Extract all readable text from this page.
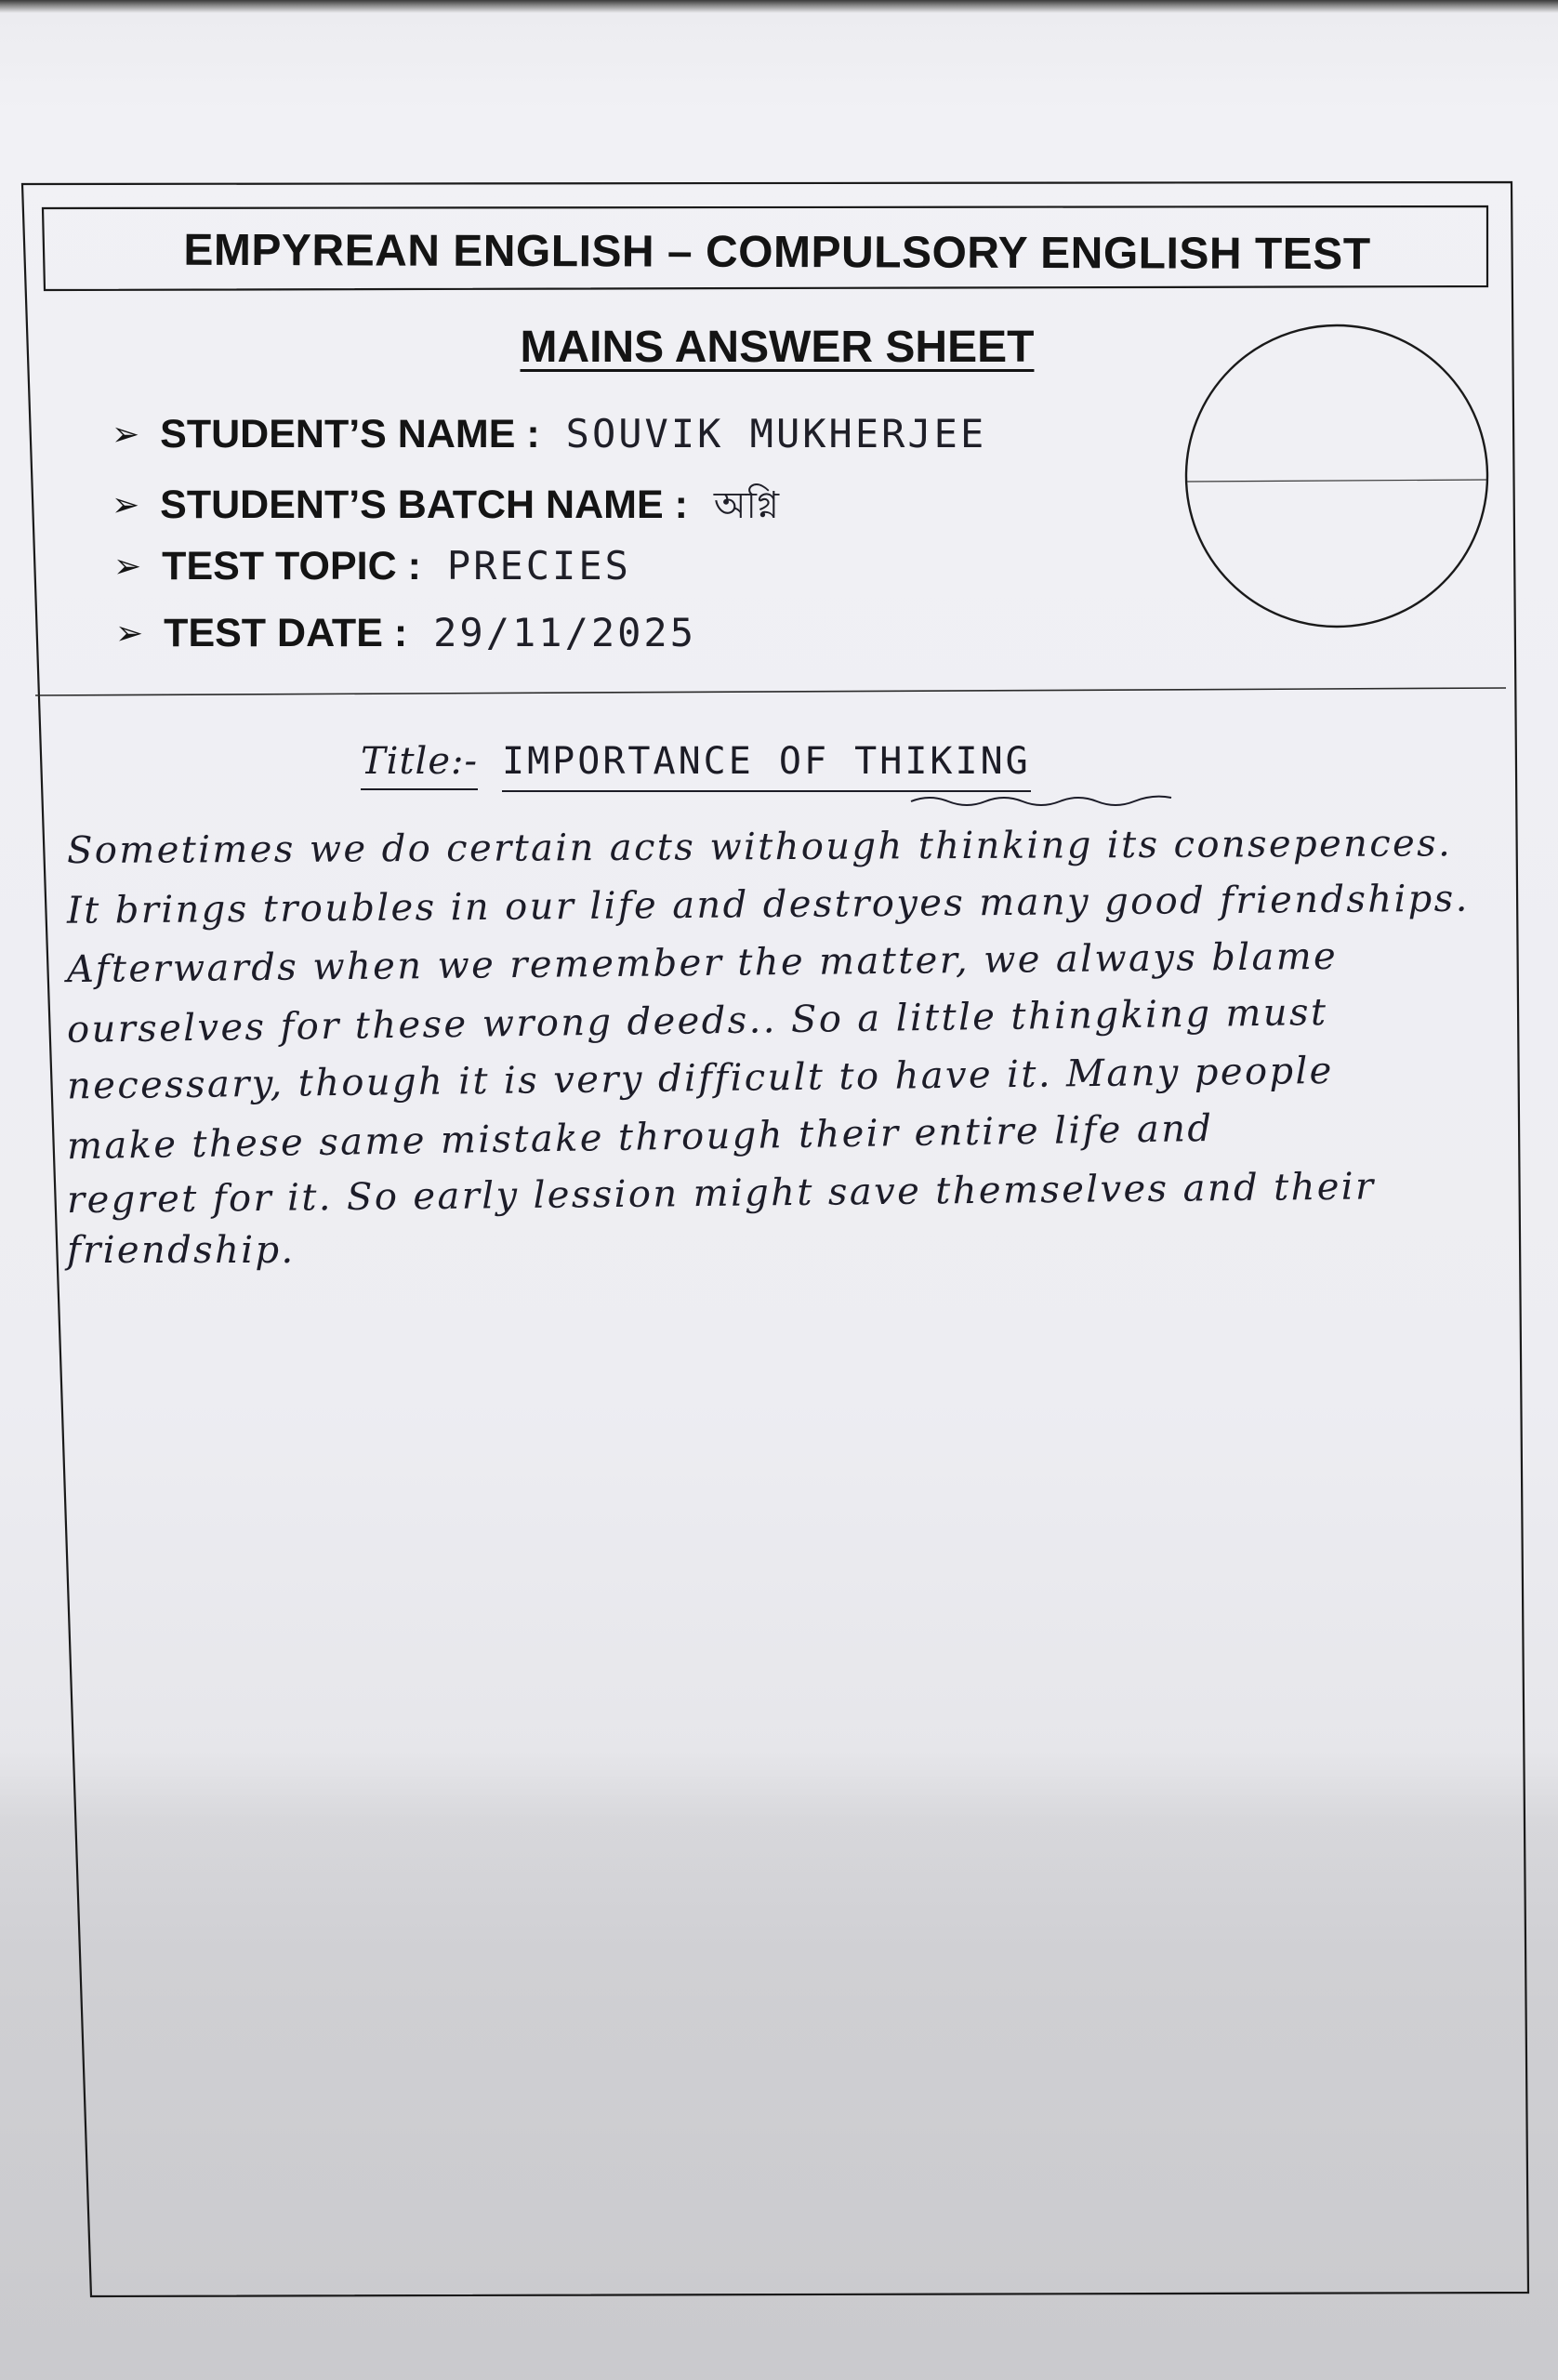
EMPYREAN ENGLISH – COMPULSORY ENGLISH TEST
MAINS ANSWER SHEET
➢ STUDENT’S NAME : SOUVIK MUKHERJEE
➢ STUDENT’S BATCH NAME : অগ্নি
➢ TEST TOPIC : PRECIES
➢ TEST DATE : 29/11/2025
Title:- IMPORTANCE OF THIKING
Sometimes we do certain acts withough thinking its consepences.
It brings troubles in our life and destroyes many good friendships.
Afterwards when we remember the matter, we always blame
ourselves for these wrong deeds.. So a little thingking must
necessary, though it is very difficult to have it. Many people
make these same mistake through their entire life and
regret for it. So early lession might save themselves and their
friendship.
